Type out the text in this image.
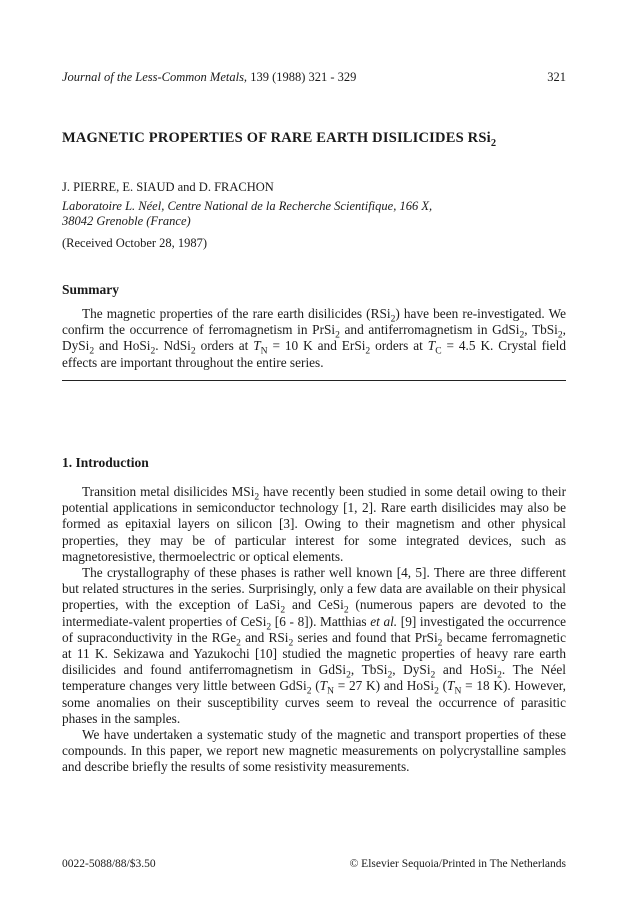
Journal of the Less-Common Metals, 139 (1988) 321 - 329	321
MAGNETIC PROPERTIES OF RARE EARTH DISILICIDES RSi$_2$
J. PIERRE, E. SIAUD and D. FRACHON
Laboratoire L. Néel, Centre National de la Recherche Scientifique, 166 X,
38042 Grenoble (France)
(Received October 28, 1987)
Summary

The magnetic properties of the rare earth disilicides (RSi$_2$) have been re-investigated. We confirm the occurrence of ferromagnetism in PrSi$_2$ and antiferromagnetism in GdSi$_2$, TbSi$_2$, DySi$_2$ and HoSi$_2$. NdSi$_2$ orders at $T_N = 10$ K and ErSi$_2$ orders at $T_C = 4.5$ K. Crystal field effects are important throughout the entire series.

1. Introduction

Transition metal disilicides MSi$_2$ have recently been studied in some detail owing to their potential applications in semiconductor technology [1, 2]. Rare earth disilicides may also be formed as epitaxial layers on silicon [3]. Owing to their magnetism and other physical properties, they may be of particular interest for some integrated devices, such as magnetoresistive, thermoelectric or optical elements.

The crystallography of these phases is rather well known [4, 5]. There are three different but related structures in the series. Surprisingly, only a few data are available on their physical properties, with the exception of LaSi$_2$ and CeSi$_2$ (numerous papers are devoted to the intermediate-valent properties of CeSi$_2$ [6 - 8]). Matthias et al. [9] investigated the occurrence of supraconductivity in the RGe$_2$ and RSi$_2$ series and found that PrSi$_2$ became ferromagnetic at 11 K. Sekizawa and Yazukochi [10] studied the magnetic properties of heavy rare earth disilicides and found antiferromagnetism in GdSi$_2$, TbSi$_2$, DySi$_2$ and HoSi$_2$. The Néel temperature changes very little between GdSi$_2$ ($T_N = 27$ K) and HoSi$_2$ ($T_N = 18$ K). However, some anomalies on their susceptibility curves seem to reveal the occurrence of parasitic phases in the samples.

We have undertaken a systematic study of the magnetic and transport properties of these compounds. In this paper, we report new magnetic measurements on polycrystalline samples and describe briefly the results of some resistivity measurements.

0022-5088/88/$3.50	© Elsevier Sequoia/Printed in The Netherlands
